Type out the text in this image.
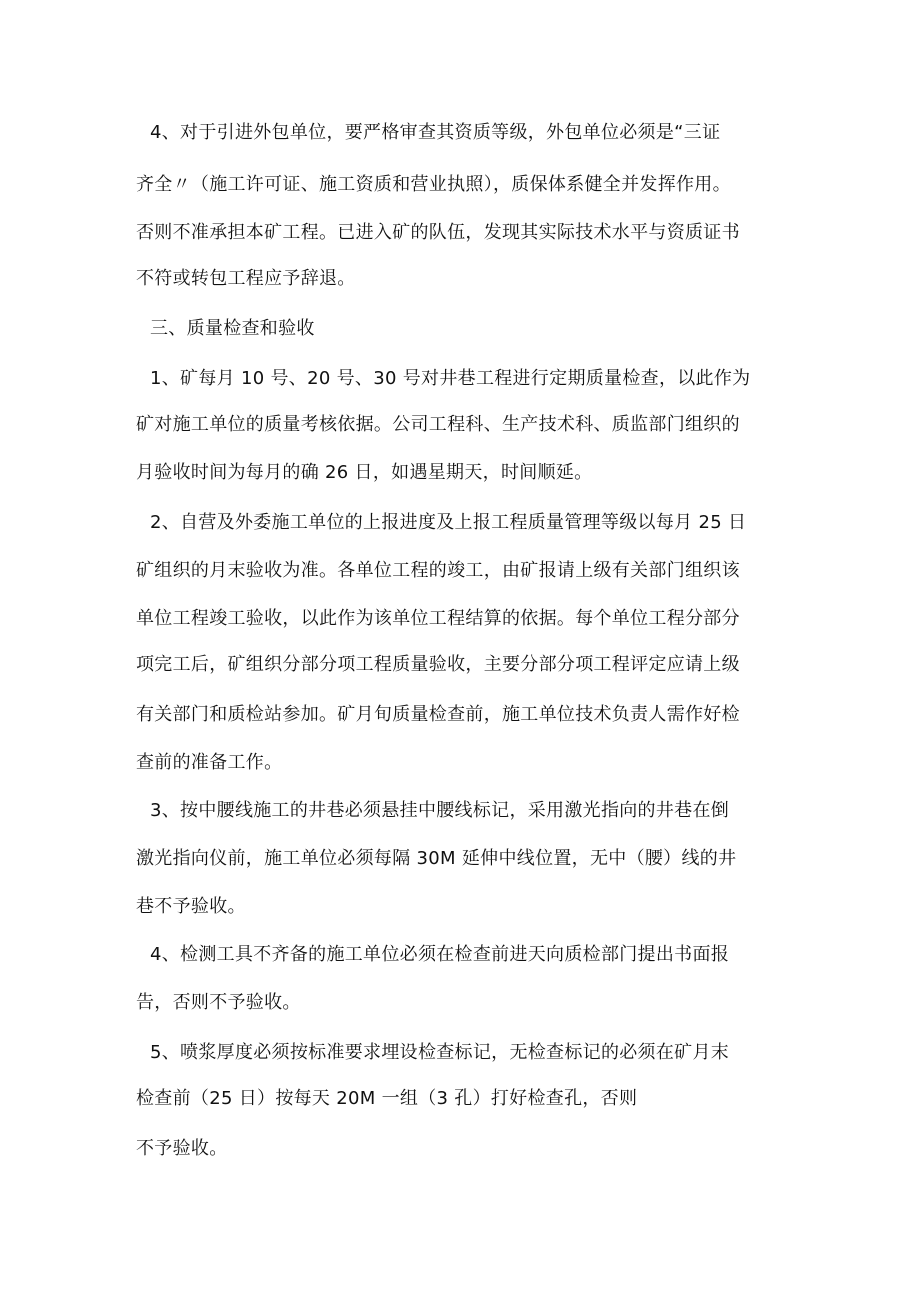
4、对于引进外包单位，要严格审查其资质等级，外包单位必须是“三证

齐全〃（施工许可证、施工资质和营业执照），质保体系健全并发挥作用。

否则不准承担本矿工程。已进入矿的队伍，发现其实际技术水平与资质证书

不符或转包工程应予辞退。

三、质量检查和验收

1、矿每月 10 号、20 号、30 号对井巷工程进行定期质量检查，以此作为

矿对施工单位的质量考核依据。公司工程科、生产技术科、质监部门组织的

月验收时间为每月的确 26 日，如遇星期天，时间顺延。

2、自营及外委施工单位的上报进度及上报工程质量管理等级以每月 25 日

矿组织的月末验收为准。各单位工程的竣工，由矿报请上级有关部门组织该

单位工程竣工验收，以此作为该单位工程结算的依据。每个单位工程分部分

项完工后，矿组织分部分项工程质量验收，主要分部分项工程评定应请上级

有关部门和质检站参加。矿月旬质量检查前，施工单位技术负责人需作好检

查前的准备工作。

3、按中腰线施工的井巷必须悬挂中腰线标记，采用激光指向的井巷在倒

激光指向仪前，施工单位必须每隔 30M 延伸中线位置，无中（腰）线的井

巷不予验收。

4、检测工具不齐备的施工单位必须在检查前进天向质检部门提出书面报

告，否则不予验收。

5、喷浆厚度必须按标准要求埋设检查标记，无检查标记的必须在矿月末

检查前（25 日）按每天 20M 一组（3 孔）打好检查孔，否则

不予验收。
